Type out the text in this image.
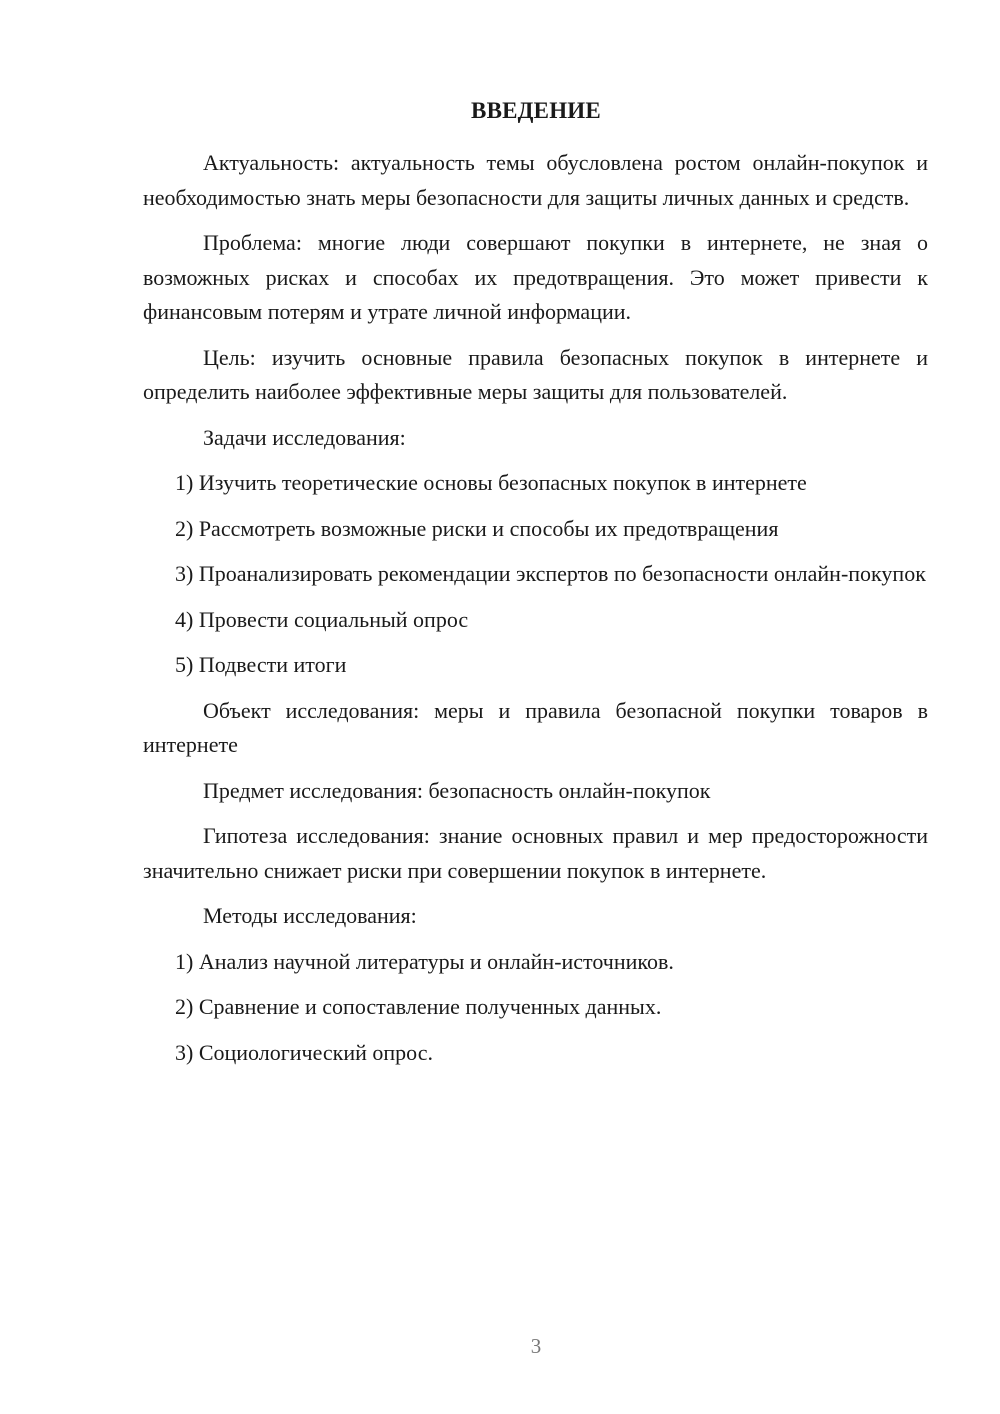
ВВЕДЕНИЕ

Актуальность: актуальность темы обусловлена ростом онлайн-покупок и необходимостью знать меры безопасности для защиты личных данных и средств.

Проблема: многие люди совершают покупки в интернете, не зная о возможных рисках и способах их предотвращения. Это может привести к финансовым потерям и утрате личной информации.

Цель: изучить основные правила безопасных покупок в интернете и определить наиболее эффективные меры защиты для пользователей.

Задачи исследования:

1) Изучить теоретические основы безопасных покупок в интернете

2) Рассмотреть возможные риски и способы их предотвращения

3) Проанализировать рекомендации экспертов по безопасности онлайн-покупок

4) Провести социальный опрос

5) Подвести итоги

Объект исследования: меры и правила безопасной покупки товаров в интернете

Предмет исследования: безопасность онлайн-покупок

Гипотеза исследования: знание основных правил и мер предосторожности значительно снижает риски при совершении покупок в интернете.

Методы исследования:

1) Анализ научной литературы и онлайн-источников.

2) Сравнение и сопоставление полученных данных.

3) Социологический опрос.

3
